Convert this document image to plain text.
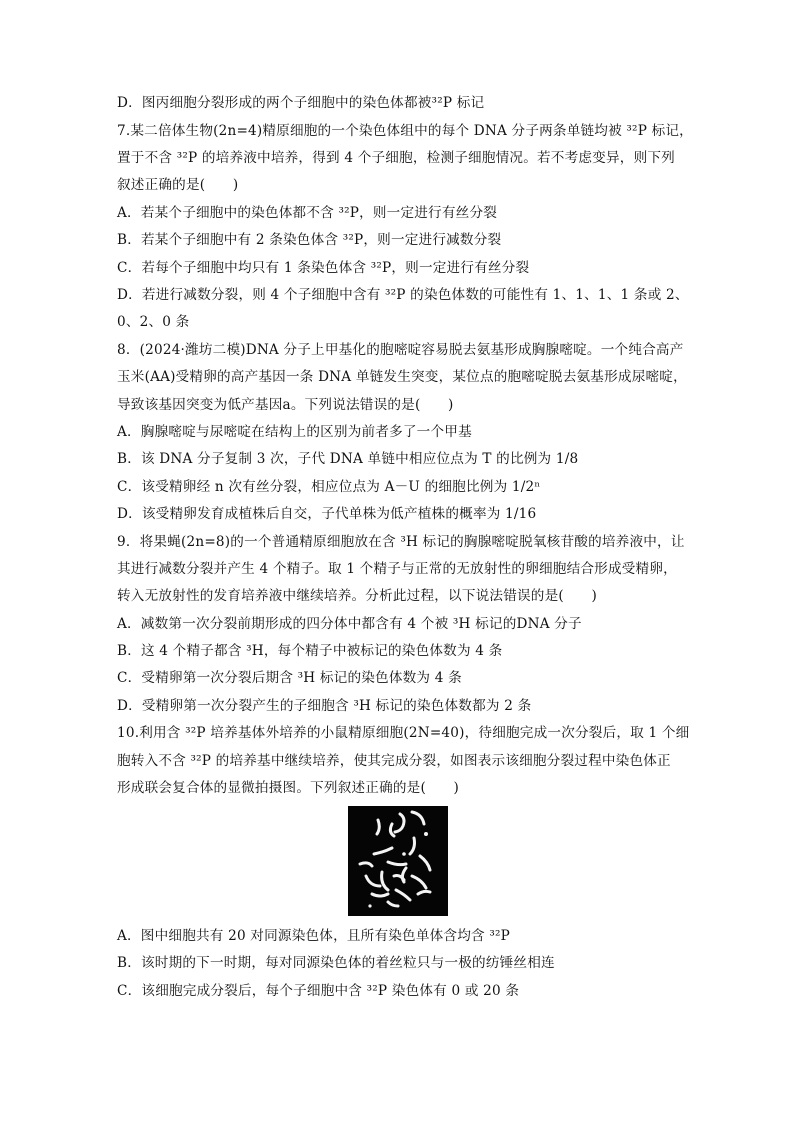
D．图丙细胞分裂形成的两个子细胞中的染色体都被³²P 标记
7.某二倍体生物(2n=4)精原细胞的一个染色体组中的每个 DNA 分子两条单链均被 ³²P 标记，
置于不含 ³²P 的培养液中培养，得到 4 个子细胞，检测子细胞情况。若不考虑变异，则下列
叙述正确的是(　　)
A．若某个子细胞中的染色体都不含 ³²P，则一定进行有丝分裂
B．若某个子细胞中有 2 条染色体含 ³²P，则一定进行减数分裂
C．若每个子细胞中均只有 1 条染色体含 ³²P，则一定进行有丝分裂
D．若进行减数分裂，则 4 个子细胞中含有 ³²P 的染色体数的可能性有 1、1、1、1 条或 2、
0、2、0 条
8．(2024·潍坊二模)DNA 分子上甲基化的胞嘧啶容易脱去氨基形成胸腺嘧啶。一个纯合高产
玉米(AA)受精卵的高产基因一条 DNA 单链发生突变，某位点的胞嘧啶脱去氨基形成尿嘧啶，
导致该基因突变为低产基因a。下列说法错误的是(　　)
A．胸腺嘧啶与尿嘧啶在结构上的区别为前者多了一个甲基
B．该 DNA 分子复制 3 次，子代 DNA 单链中相应位点为 T 的比例为 1/8
C．该受精卵经 n 次有丝分裂，相应位点为 A－U 的细胞比例为 1/2ⁿ
D．该受精卵发育成植株后自交，子代单株为低产植株的概率为 1/16
9．将果蝇(2n=8)的一个普通精原细胞放在含 ³H 标记的胸腺嘧啶脱氧核苷酸的培养液中，让
其进行减数分裂并产生 4 个精子。取 1 个精子与正常的无放射性的卵细胞结合形成受精卵，
转入无放射性的发育培养液中继续培养。分析此过程，以下说法错误的是(　　)
A．减数第一次分裂前期形成的四分体中都含有 4 个被 ³H 标记的DNA 分子
B．这 4 个精子都含 ³H，每个精子中被标记的染色体数为 4 条
C．受精卵第一次分裂后期含 ³H 标记的染色体数为 4 条
D．受精卵第一次分裂产生的子细胞含 ³H 标记的染色体数都为 2 条
10.利用含 ³²P 培养基体外培养的小鼠精原细胞(2N=40)，待细胞完成一次分裂后，取 1 个细
胞转入不含 ³²P 的培养基中继续培养，使其完成分裂，如图表示该细胞分裂过程中染色体正
形成联会复合体的显微拍摄图。下列叙述正确的是(　　)
A．图中细胞共有 20 对同源染色体，且所有染色单体含均含 ³²P
B．该时期的下一时期，每对同源染色体的着丝粒只与一极的纺锤丝相连
C．该细胞完成分裂后，每个子细胞中含 ³²P 染色体有 0 或 20 条
